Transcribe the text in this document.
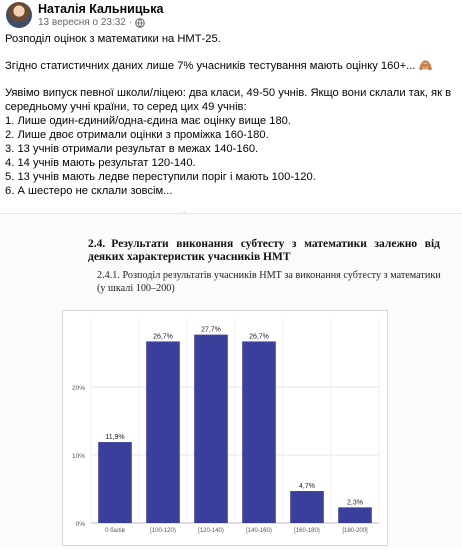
Наталія Кальницька
13 вересня о 23:32 ·

Розподіл оцінок з математики на НМТ-25.

Згідно статистичних даних лише 7% учасників тестування мають оцінку 160+... 🙈

Уявімо випуск певної школи/ліцею: два класи, 49-50 учнів. Якщо вони склали так, як в середньому учні країни, то серед цих 49 учнів:

1. Лише один-єдиний/одна-єдина має оцінку вище 180.

2. Лише двоє отримали оцінки з проміжка 160-180.

3. 13 учнів отримали результат в межах 140-160.

4. 14 учнів мають результат 120-140.

5. 13 учнів мають ледве переступили поріг і мають 100-120.

6. А шестеро не склали зовсім...

2.4. Результати виконання субтесту з математики залежно від деяких характеристик учасників НМТ
2.4.1. Розподіл результатів учасників НМТ за виконання субтесту з математики (у шкалі 100–200)
0%
10%
20%
11,9%
0 балів
26,7%
[100-120)
27,7%
[120-140)
26,7%
[140-160)
4,7%
[160-180)
2,3%
[180-200]
